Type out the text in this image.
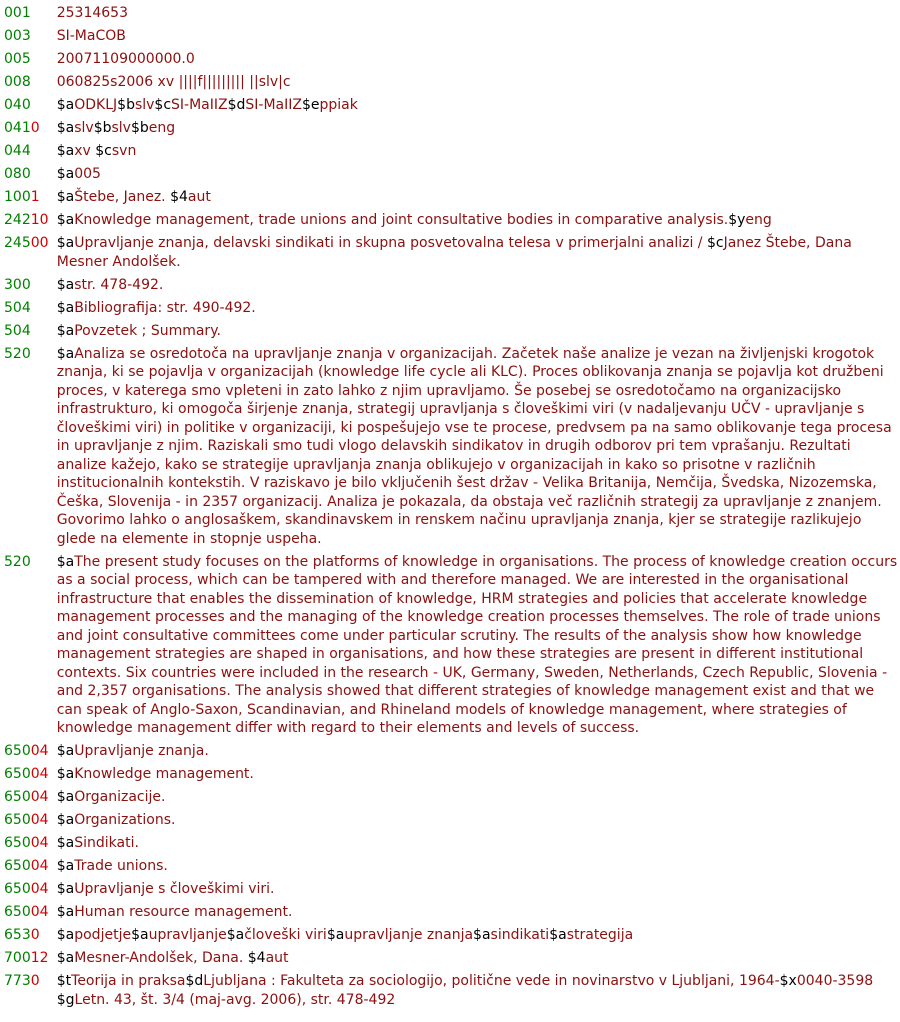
001 25314653
003 SI-MaCOB
005 20071109000000.0
008 060825s2006 xv ||||f||||||||| ||slv|c
040 $aODKLJ$bslv$cSI-MaIIZ$dSI-MaIIZ$eppiak
041 0	$aslv$bslv$beng
044 $axv $csvn
080 $a005
100 1	$aŠtebe, Janez. $4aut
242 10 $aKnowledge management, trade unions and joint consultative bodies in comparative analysis.$yeng
245 00 $aUpravljanje znanja, delavski sindikati in skupna posvetovalna telesa v primerjalni analizi / $cJanez Štebe, Dana Mesner Andolšek.
300 $astr. 478-492.
504 $aBibliografija: str. 490-492.
504 $aPovzetek ; Summary.
520 $aAnaliza se osredotoča na upravljanje znanja v organizacijah. Začetek naše analize je vezan na življenjski krogotok znanja, ki se pojavlja v organizacijah (knowledge life cycle ali KLC). Proces oblikovanja znanja se pojavlja kot družbeni proces, v katerega smo vpleteni in zato lahko z njim upravljamo. Še posebej se osredotočamo na organizacijsko infrastrukturo, ki omogoča širjenje znanja, strategij upravljanja s človeškimi viri (v nadaljevanju UČV - upravljanje s človeškimi viri) in politike v organizaciji, ki pospešujejo vse te procese, predvsem pa na samo oblikovanje tega procesa in upravljanje z njim. Raziskali smo tudi vlogo delavskih sindikatov in drugih odborov pri tem vprašanju. Rezultati analize kažejo, kako se strategije upravljanja znanja oblikujejo v organizacijah in kako so prisotne v različnih institucionalnih kontekstih. V raziskavo je bilo vključenih šest držav - Velika Britanija, Nemčija, Švedska, Nizozemska, Češka, Slovenija - in 2357 organizacij. Analiza je pokazala, da obstaja več različnih strategij za upravljanje z znanjem. Govorimo lahko o anglosaškem, skandinavskem in renskem načinu upravljanja znanja, kjer se strategije razlikujejo glede na elemente in stopnje uspeha.
520 $aThe present study focuses on the platforms of knowledge in organisations. The process of knowledge creation occurs as a social process, which can be tampered with and therefore managed. We are interested in the organisational infrastructure that enables the dissemination of knowledge, HRM strategies and policies that accelerate knowledge management processes and the managing of the knowledge creation processes themselves. The role of trade unions and joint consultative committees come under particular scrutiny. The results of the analysis show how knowledge management strategies are shaped in organisations, and how these strategies are present in different institutional contexts. Six countries were included in the research - UK, Germany, Sweden, Netherlands, Czech Republic, Slovenia - and 2,357 organisations. The analysis showed that different strategies of knowledge management exist and that we can speak of Anglo-Saxon, Scandinavian, and Rhineland models of knowledge management, where strategies of knowledge management differ with regard to their elements and levels of success.
650 04 $aUpravljanje znanja.
650 04 $aKnowledge management.
650 04 $aOrganizacije.
650 04 $aOrganizations.
650 04 $aSindikati.
650 04 $aTrade unions.
650 04 $aUpravljanje s človeškimi viri.
650 04 $aHuman resource management.
653 0	$apodjetje$aupravljanje$ačloveški viri$aupravljanje znanja$asindikati$astrategija
700 12 $aMesner-Andolšek, Dana. $4aut
773 0	$tTeorija in praksa$dLjubljana : Fakulteta za sociologijo, politične vede in novinarstvo v Ljubljani, 1964-$x0040-3598 $gLetn. 43, št. 3/4 (maj-avg. 2006), str. 478-492
